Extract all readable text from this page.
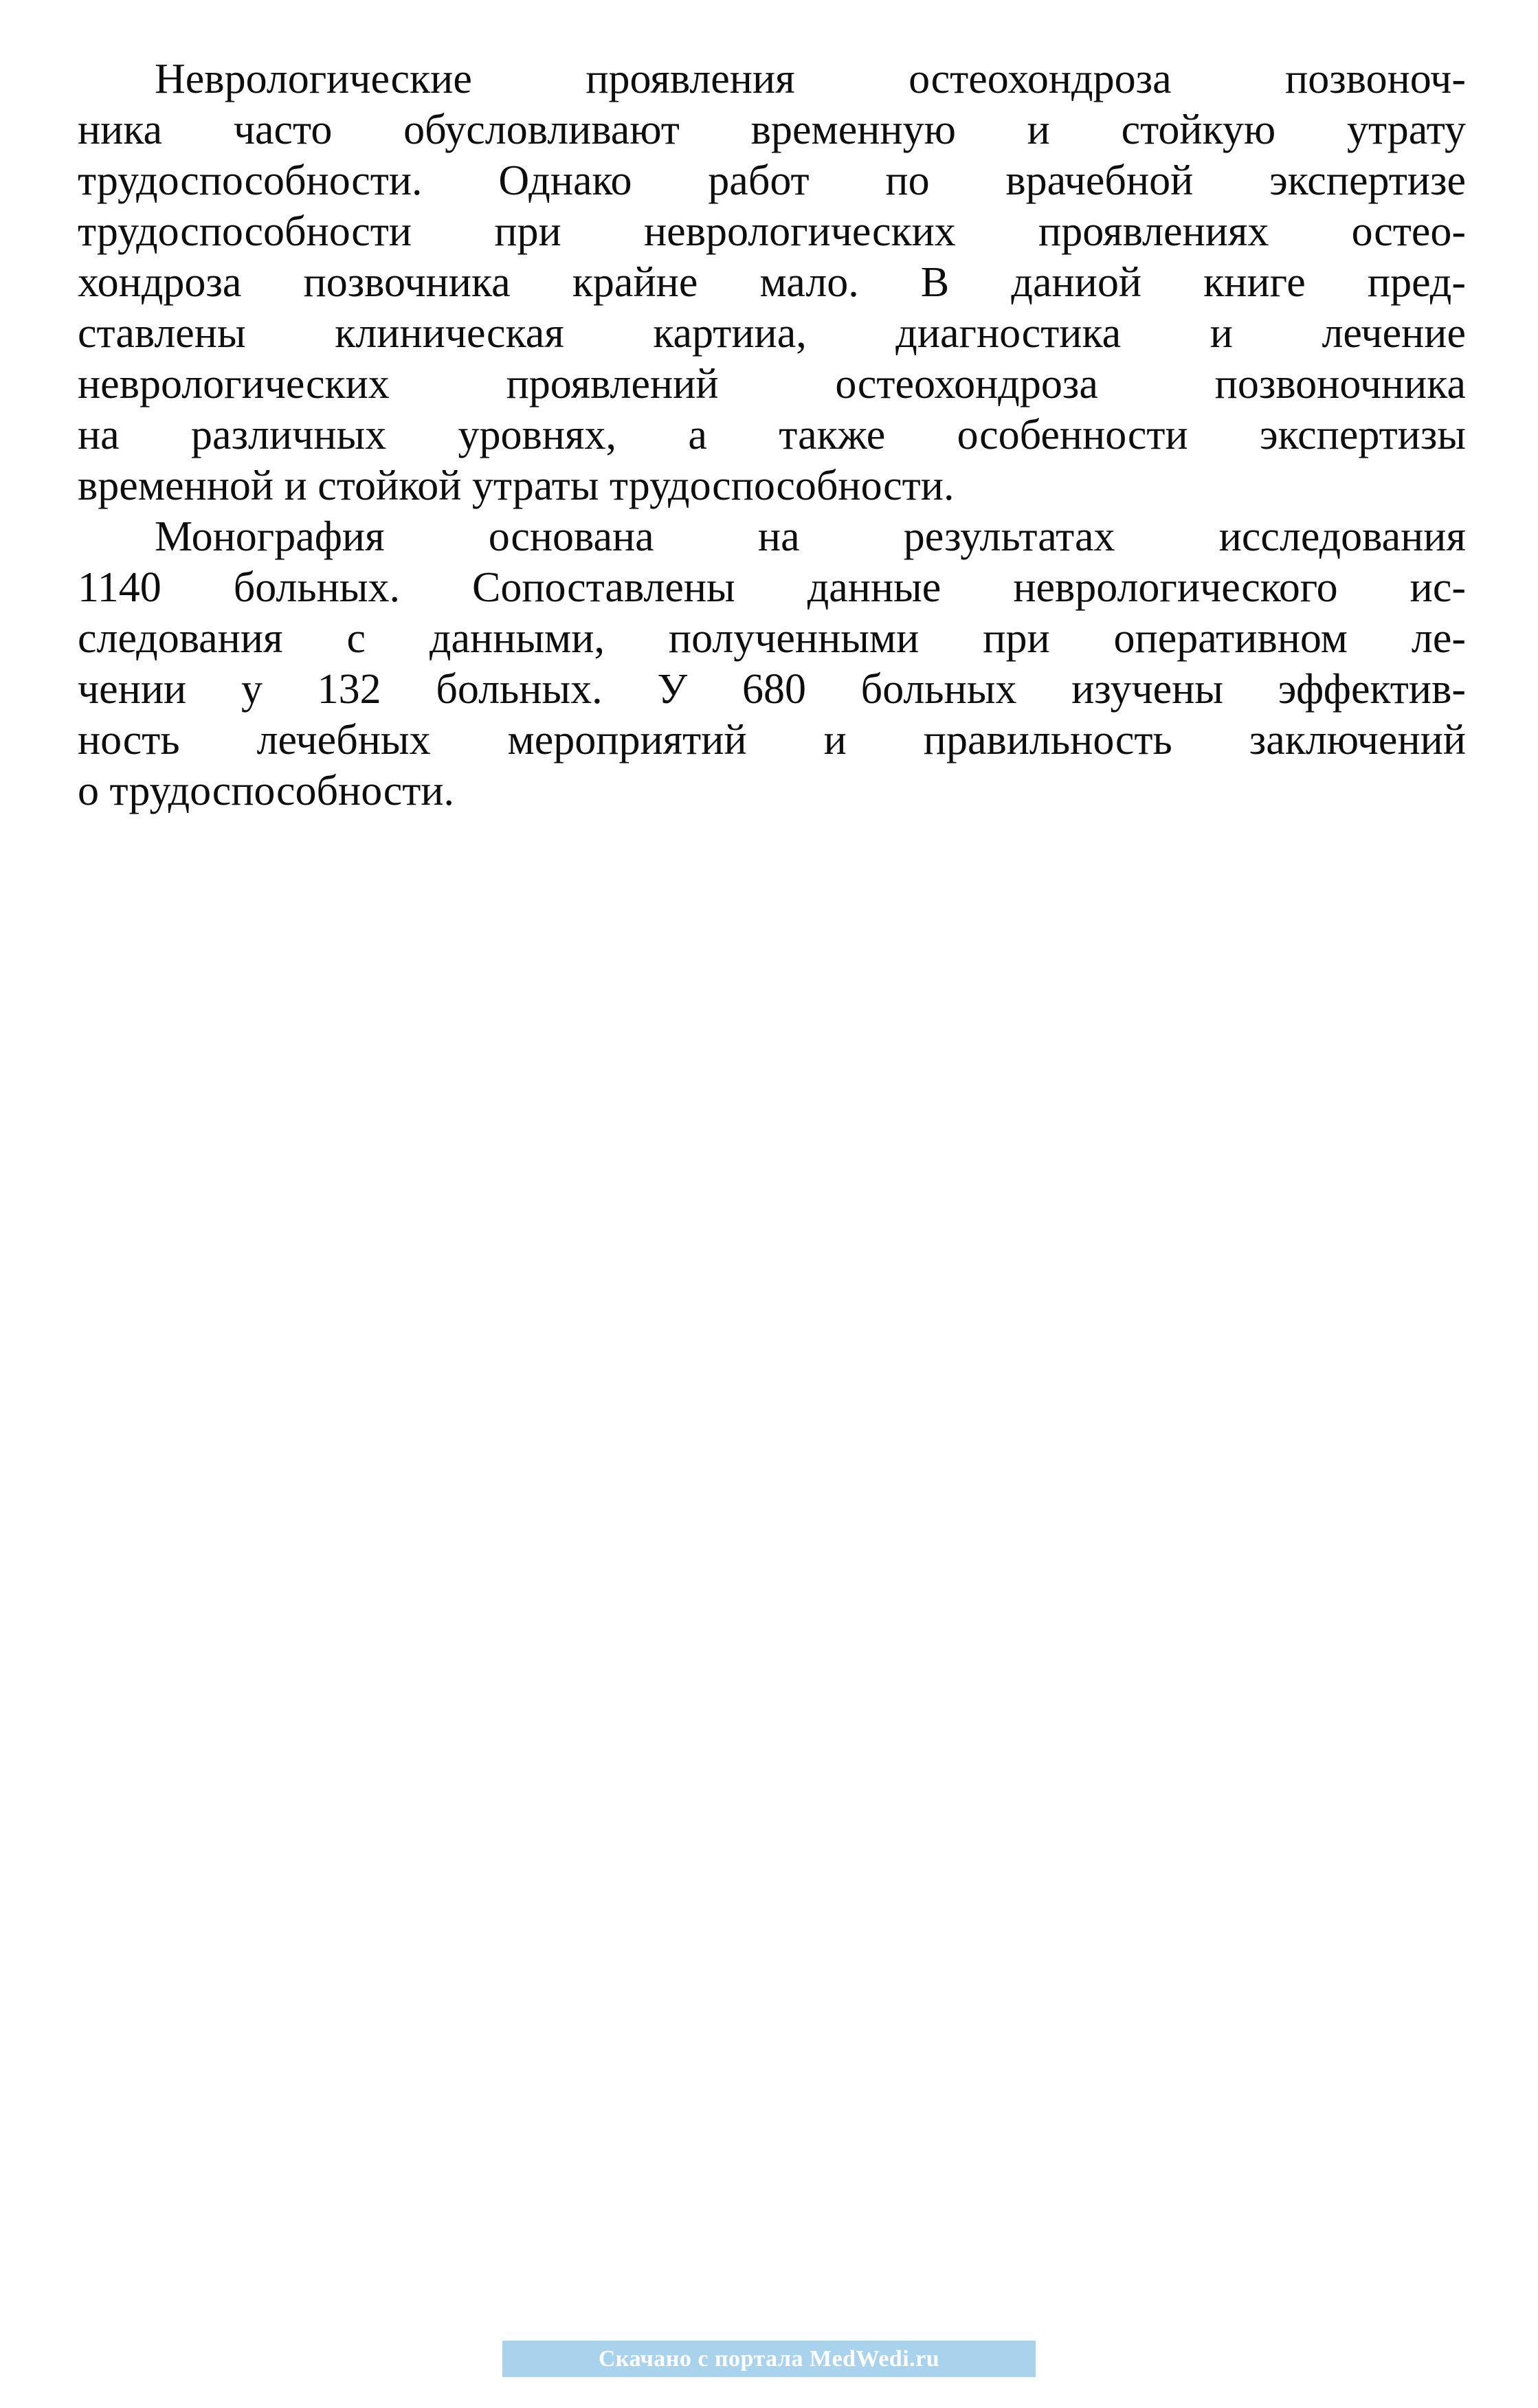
Неврологические проявления остеохондроза позвоноч-
ника часто обусловливают временную и стойкую утрату
трудоспособности. Однако работ по врачебной экспертизе
трудоспособности при неврологических проявлениях остео-
хондроза позвочника крайне мало. В даниой книге пред-
ставлены клиническая картииа, диагностика и лечение
неврологических проявлений остеохондроза позвоночника
на различных уровнях, а также особенности экспертизы
временной и стойкой утраты трудоспособности.
Монография основана на результатах исследования
1140 больных. Сопоставлены данные неврологического ис-
следования с данными, полученными при оперативном ле-
чении у 132 больных. У 680 больных изучены эффектив-
ность лечебных мероприятий и правильность заключений
о трудоспособности.
Скачано с портала MedWedi.ru
